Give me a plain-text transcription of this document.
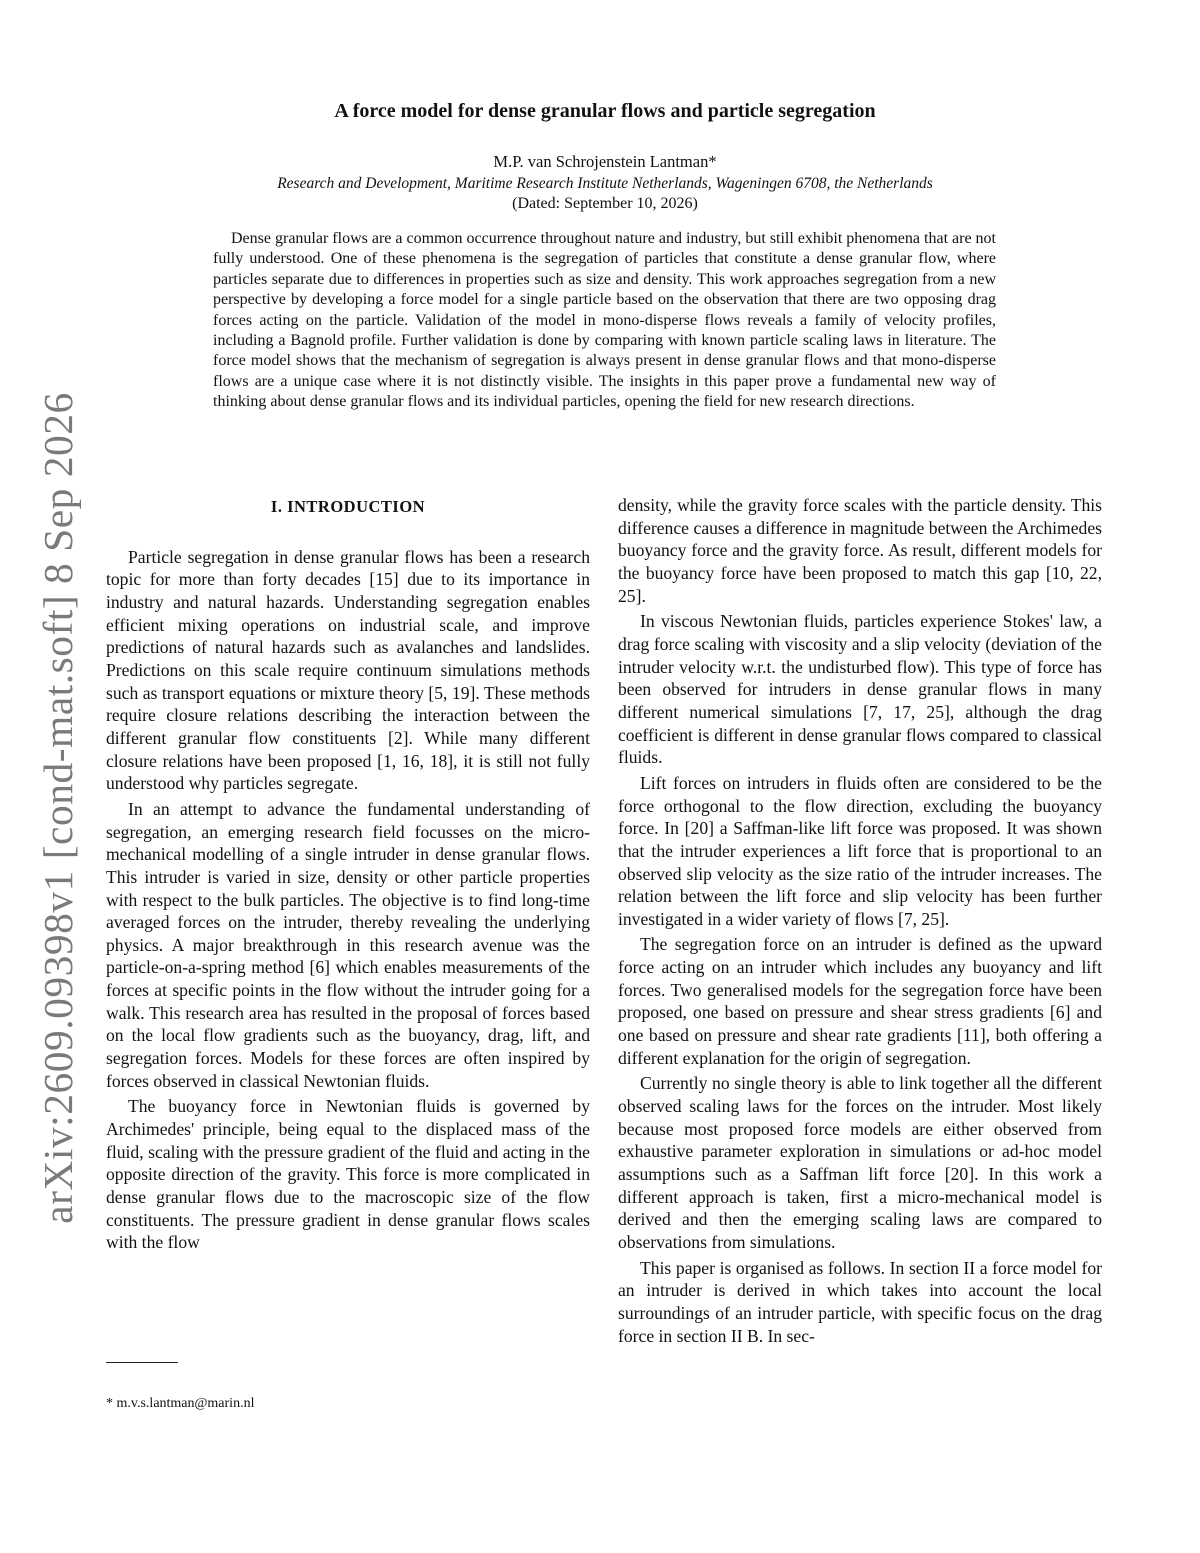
arXiv:2609.09398v1 [cond-mat.soft] 8 Sep 2026
A force model for dense granular flows and particle segregation
M.P. van Schrojenstein Lantman*
Research and Development, Maritime Research Institute Netherlands, Wageningen 6708, the Netherlands
(Dated: September 10, 2026)

Dense granular flows are a common occurrence throughout nature and industry, but still exhibit phenomena that are not fully understood. One of these phenomena is the segregation of particles that constitute a dense granular flow, where particles separate due to differences in properties such as size and density. This work approaches segregation from a new perspective by developing a force model for a single particle based on the observation that there are two opposing drag forces acting on the particle. Validation of the model in mono-disperse flows reveals a family of velocity profiles, including a Bagnold profile. Further validation is done by comparing with known particle scaling laws in literature. The force model shows that the mechanism of segregation is always present in dense granular flows and that mono-disperse flows are a unique case where it is not distinctly visible. The insights in this paper prove a fundamental new way of thinking about dense granular flows and its individual particles, opening the field for new research directions.

I. INTRODUCTION

Particle segregation in dense granular flows has been a research topic for more than forty decades [15] due to its importance in industry and natural hazards. Understanding segregation enables efficient mixing operations on industrial scale, and improve predictions of natural hazards such as avalanches and landslides. Predictions on this scale require continuum simulations methods such as transport equations or mixture theory [5, 19]. These methods require closure relations describing the interaction between the different granular flow constituents [2]. While many different closure relations have been proposed [1, 16, 18], it is still not fully understood why particles segregate.

In an attempt to advance the fundamental understanding of segregation, an emerging research field focusses on the micro-mechanical modelling of a single intruder in dense granular flows. This intruder is varied in size, density or other particle properties with respect to the bulk particles. The objective is to find long-time averaged forces on the intruder, thereby revealing the underlying physics. A major breakthrough in this research avenue was the particle-on-a-spring method [6] which enables measurements of the forces at specific points in the flow without the intruder going for a walk. This research area has resulted in the proposal of forces based on the local flow gradients such as the buoyancy, drag, lift, and segregation forces. Models for these forces are often inspired by forces observed in classical Newtonian fluids.

The buoyancy force in Newtonian fluids is governed by Archimedes' principle, being equal to the displaced mass of the fluid, scaling with the pressure gradient of the fluid and acting in the opposite direction of the gravity. This force is more complicated in dense granular flows due to the macroscopic size of the flow constituents. The pressure gradient in dense granular flows scales with the flow

density, while the gravity force scales with the particle density. This difference causes a difference in magnitude between the Archimedes buoyancy force and the gravity force. As result, different models for the buoyancy force have been proposed to match this gap [10, 22, 25].

In viscous Newtonian fluids, particles experience Stokes' law, a drag force scaling with viscosity and a slip velocity (deviation of the intruder velocity w.r.t. the undisturbed flow). This type of force has been observed for intruders in dense granular flows in many different numerical simulations [7, 17, 25], although the drag coefficient is different in dense granular flows compared to classical fluids.

Lift forces on intruders in fluids often are considered to be the force orthogonal to the flow direction, excluding the buoyancy force. In [20] a Saffman-like lift force was proposed. It was shown that the intruder experiences a lift force that is proportional to an observed slip velocity as the size ratio of the intruder increases. The relation between the lift force and slip velocity has been further investigated in a wider variety of flows [7, 25].

The segregation force on an intruder is defined as the upward force acting on an intruder which includes any buoyancy and lift forces. Two generalised models for the segregation force have been proposed, one based on pressure and shear stress gradients [6] and one based on pressure and shear rate gradients [11], both offering a different explanation for the origin of segregation.

Currently no single theory is able to link together all the different observed scaling laws for the forces on the intruder. Most likely because most proposed force models are either observed from exhaustive parameter exploration in simulations or ad-hoc model assumptions such as a Saffman lift force [20]. In this work a different approach is taken, first a micro-mechanical model is derived and then the emerging scaling laws are compared to observations from simulations.

This paper is organised as follows. In section II a force model for an intruder is derived in which takes into account the local surroundings of an intruder particle, with specific focus on the drag force in section II B. In sec-

* m.v.s.lantman@marin.nl
